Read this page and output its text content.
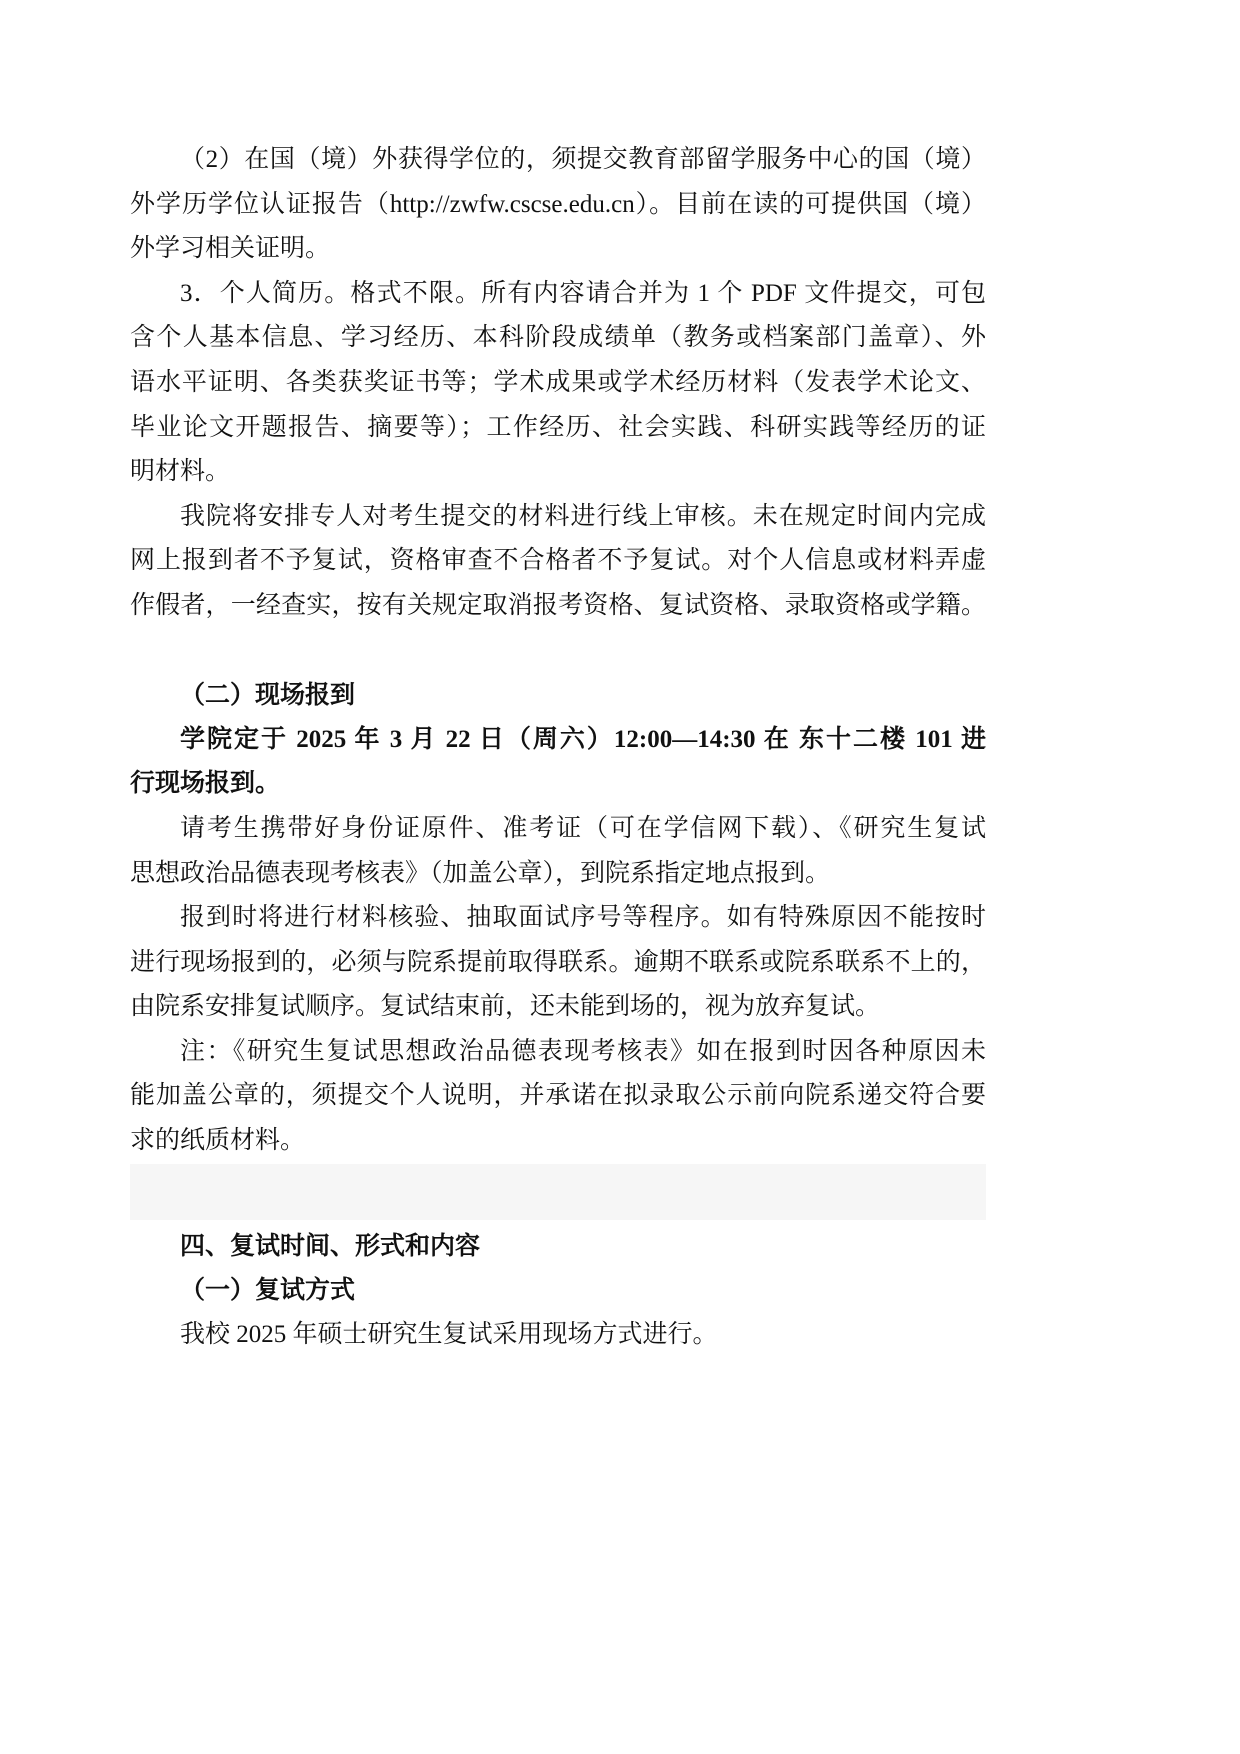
（2）在国（境）外获得学位的，须提交教育部留学服务中心的国（境）
外学历学位认证报告（http://zwfw.cscse.edu.cn）。目前在读的可提供国（境）
外学习相关证明。
3．个人简历。格式不限。所有内容请合并为 1 个 PDF 文件提交，可包
含个人基本信息、学习经历、本科阶段成绩单（教务或档案部门盖章）、外
语水平证明、各类获奖证书等；学术成果或学术经历材料（发表学术论文、
毕业论文开题报告、摘要等）；工作经历、社会实践、科研实践等经历的证
明材料。
我院将安排专人对考生提交的材料进行线上审核。未在规定时间内完成
网上报到者不予复试，资格审查不合格者不予复试。对个人信息或材料弄虚
作假者，一经查实，按有关规定取消报考资格、复试资格、录取资格或学籍。
（二）现场报到
学院定于 2025 年 3 月 22 日（周六）12:00—14:30 在 东十二楼 101 进
行现场报到。
请考生携带好身份证原件、准考证（可在学信网下载）、《研究生复试
思想政治品德表现考核表》（加盖公章），到院系指定地点报到。
报到时将进行材料核验、抽取面试序号等程序。如有特殊原因不能按时
进行现场报到的，必须与院系提前取得联系。逾期不联系或院系联系不上的，
由院系安排复试顺序。复试结束前，还未能到场的，视为放弃复试。
注：《研究生复试思想政治品德表现考核表》如在报到时因各种原因未
能加盖公章的，须提交个人说明，并承诺在拟录取公示前向院系递交符合要
求的纸质材料。
四、复试时间、形式和内容
（一）复试方式
我校 2025 年硕士研究生复试采用现场方式进行。
